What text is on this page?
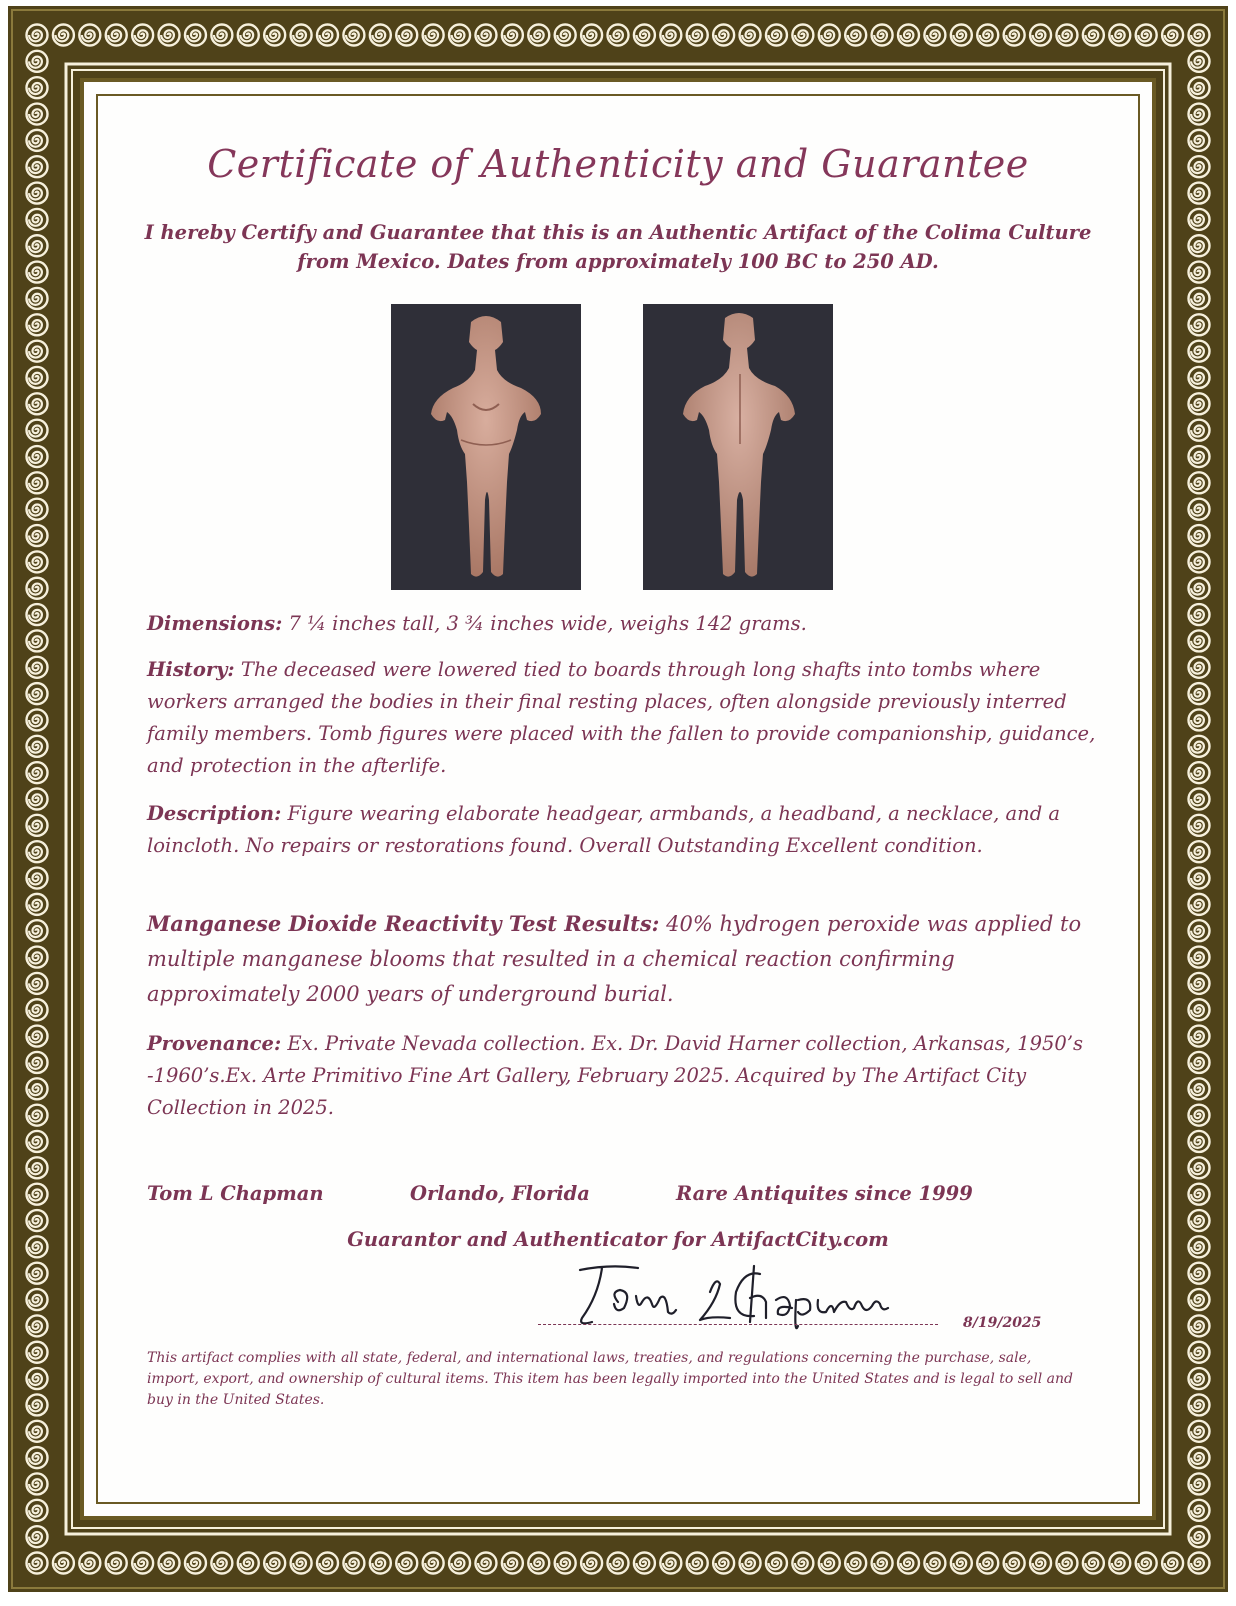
Certificate of Authenticity and Guarantee
I hereby Certify and Guarantee that this is an Authentic Artifact of the Colima Culture from Mexico. Dates from approximately 100 BC to 250 AD.

Dimensions: 7 ¼ inches tall, 3 ¾ inches wide, weighs 142 grams.

History: The deceased were lowered tied to boards through long shafts into tombs where workers arranged the bodies in their final resting places, often alongside previously interred family members. Tomb figures were placed with the fallen to provide companionship, guidance, and protection in the afterlife.

Description: Figure wearing elaborate headgear, armbands, a headband, a necklace, and a loincloth. No repairs or restorations found. Overall Outstanding Excellent condition.

Manganese Dioxide Reactivity Test Results: 40% hydrogen peroxide was applied to multiple manganese blooms that resulted in a chemical reaction confirming approximately 2000 years of underground burial.

Provenance: Ex. Private Nevada collection. Ex. Dr. David Harner collection, Arkansas, 1950’s -1960’s.Ex. Arte Primitivo Fine Art Gallery, February 2025. Acquired by The Artifact City Collection in 2025.

Tom L Chapman	Orlando, Florida	Rare Antiquites since 1999
Guarantor and Authenticator for ArtifactCity.com
8/19/2025
This artifact complies with all state, federal, and international laws, treaties, and regulations concerning the purchase, sale, import, export, and ownership of cultural items. This item has been legally imported into the United States and is legal to sell and buy in the United States.
